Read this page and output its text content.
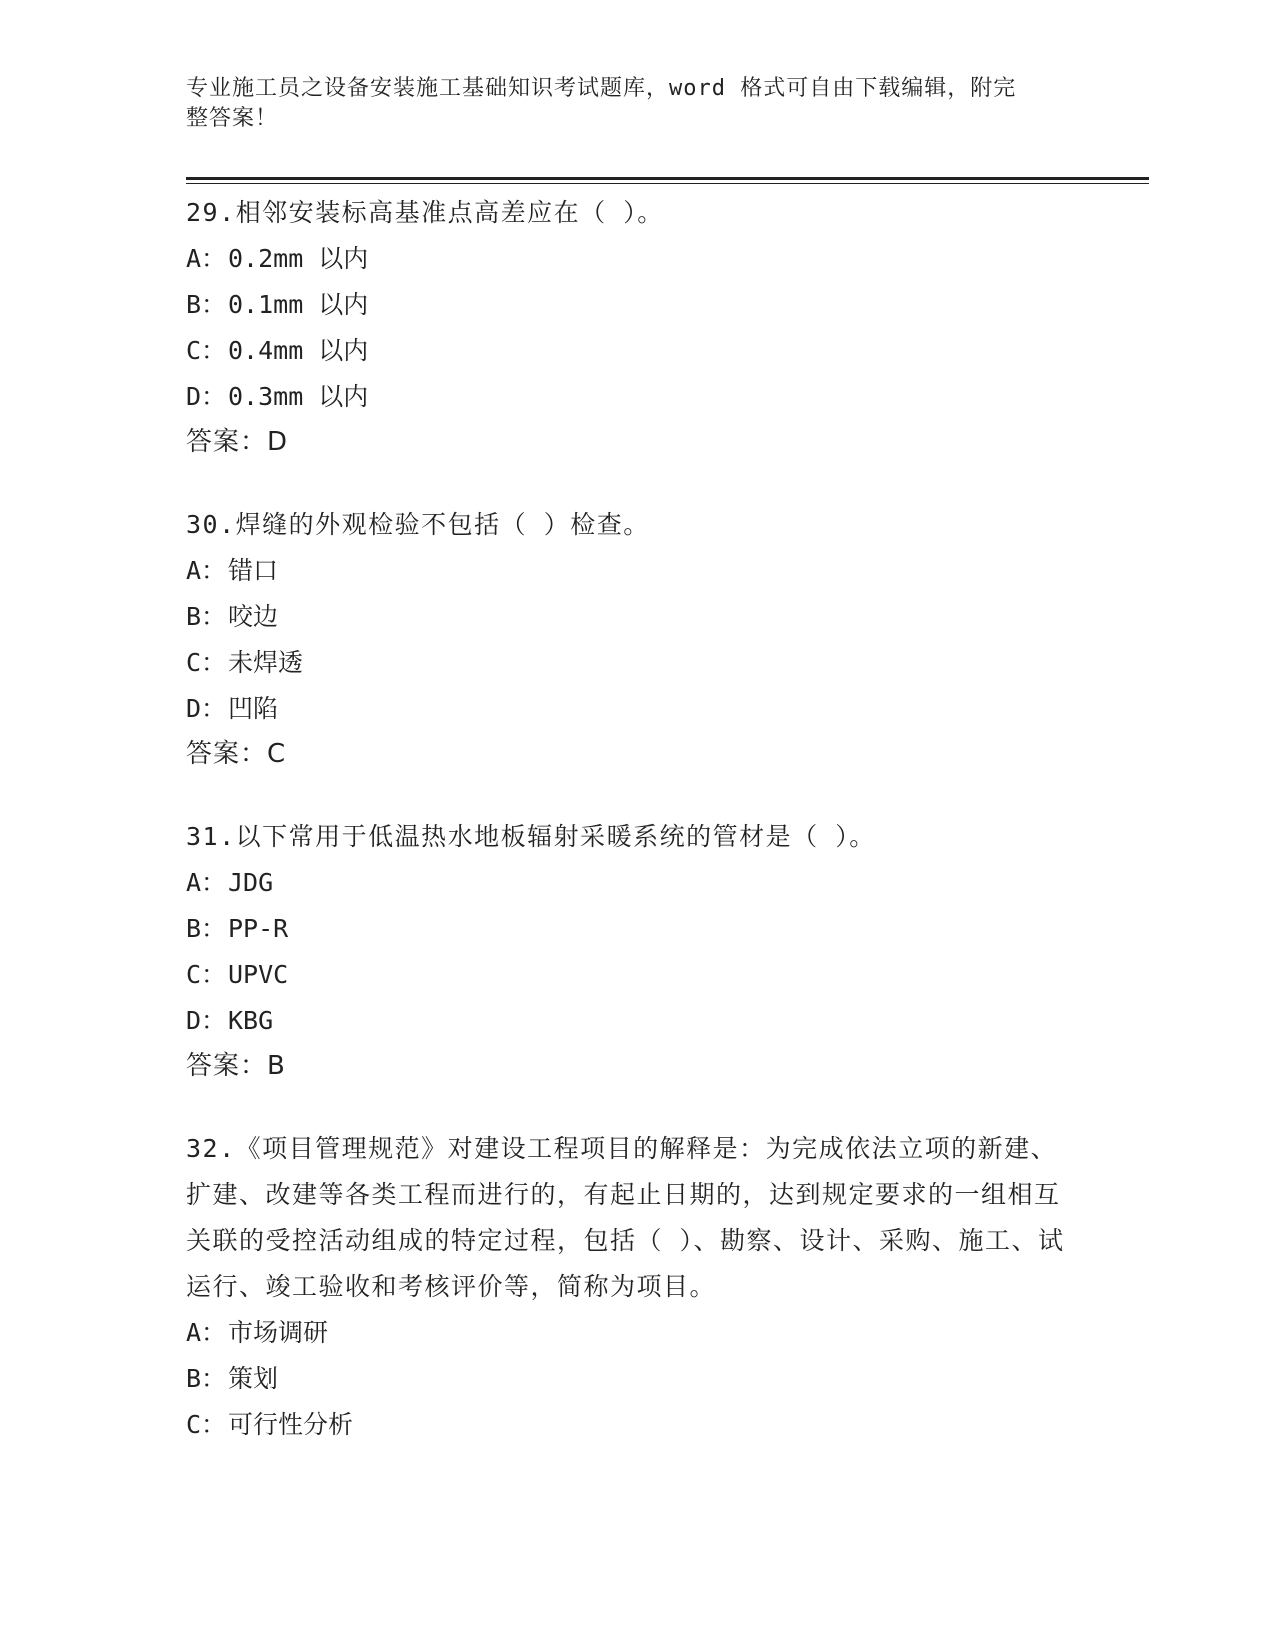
专业施工员之设备安装施工基础知识考试题库，word 格式可自由下载编辑，附完
整答案！

29.相邻安装标高基准点高差应在（ ）。

A：0.2mm 以内

B：0.1mm 以内

C：0.4mm 以内

D：0.3mm 以内

答案：D

30.焊缝的外观检验不包括（ ）检查。

A：错口

B：咬边

C：未焊透

D：凹陷

答案：C

31.以下常用于低温热水地板辐射采暖系统的管材是（ ）。

A：JDG

B：PP-R

C：UPVC

D：KBG

答案：B

32.《项目管理规范》对建设工程项目的解释是：为完成依法立项的新建、扩建、改建等各类工程而进行的，有起止日期的，达到规定要求的一组相互关联的受控活动组成的特定过程，包括（ ）、勘察、设计、采购、施工、试运行、竣工验收和考核评价等，简称为项目。

A：市场调研

B：策划

C：可行性分析
